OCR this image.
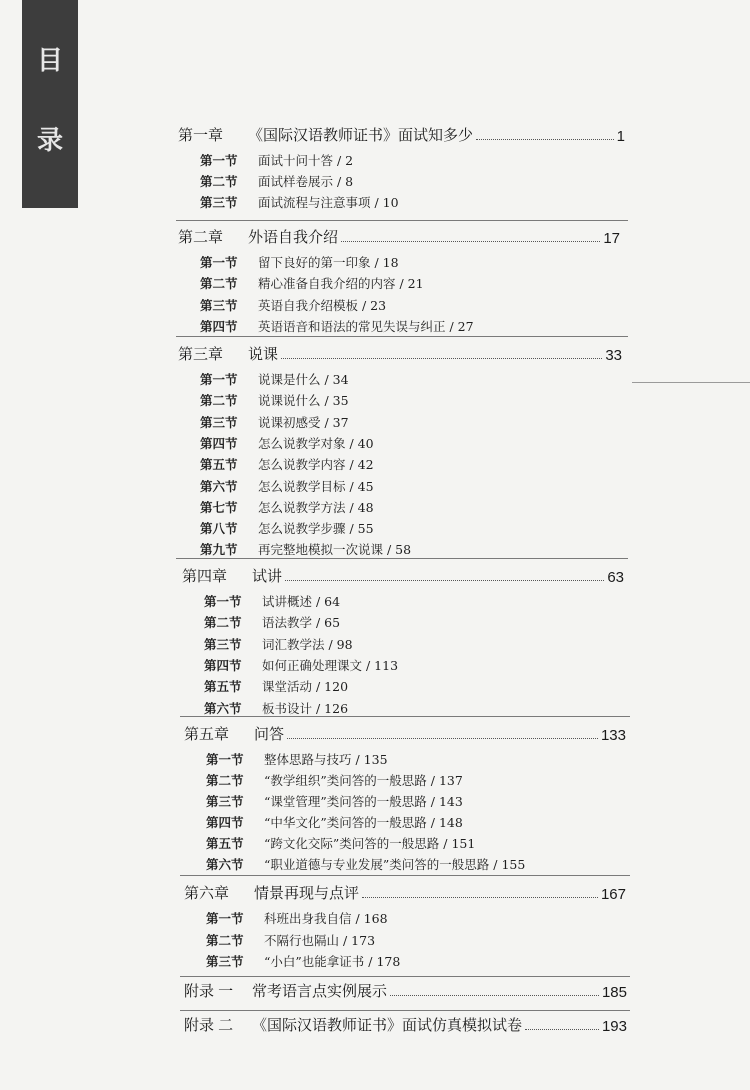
目
录	第一章	《国际汉语教师证书》面试知多少	1
第一节	面试十问十答 / 2
第二节	面试样卷展示 / 8
第三节	面试流程与注意事项 / 10
第二章	外语自我介绍	17
第一节	留下良好的第一印象 / 18
第二节	精心准备自我介绍的内容 / 21
第三节	英语自我介绍模板 / 23
第四节	英语语音和语法的常见失误与纠正 / 27
第三章	说课	33
第一节	说课是什么 / 34
第二节	说课说什么 / 35
第三节	说课初感受 / 37
第四节	怎么说教学对象 / 40
第五节	怎么说教学内容 / 42
第六节	怎么说教学目标 / 45
第七节	怎么说教学方法 / 48
第八节	怎么说教学步骤 / 55
第九节	再完整地模拟一次说课 / 58
第四章	试讲	63
第一节	试讲概述 / 64
第二节	语法教学 / 65
第三节	词汇教学法 / 98
第四节	如何正确处理课文 / 113
第五节	课堂活动 / 120
第六节	板书设计 / 126
第五章	问答	133
第一节	整体思路与技巧 / 135
第二节	“教学组织”类问答的一般思路 / 137
第三节	“课堂管理”类问答的一般思路 / 143
第四节	“中华文化”类问答的一般思路 / 148
第五节	“跨文化交际”类问答的一般思路 / 151
第六节	“职业道德与专业发展”类问答的一般思路 / 155
第六章	情景再现与点评	167
第一节	科班出身我自信 / 168
第二节	不隔行也隔山 / 173
第三节	“小白”也能拿证书 / 178
附录 一	常考语言点实例展示	185
附录 二	《国际汉语教师证书》面试仿真模拟试卷	193
